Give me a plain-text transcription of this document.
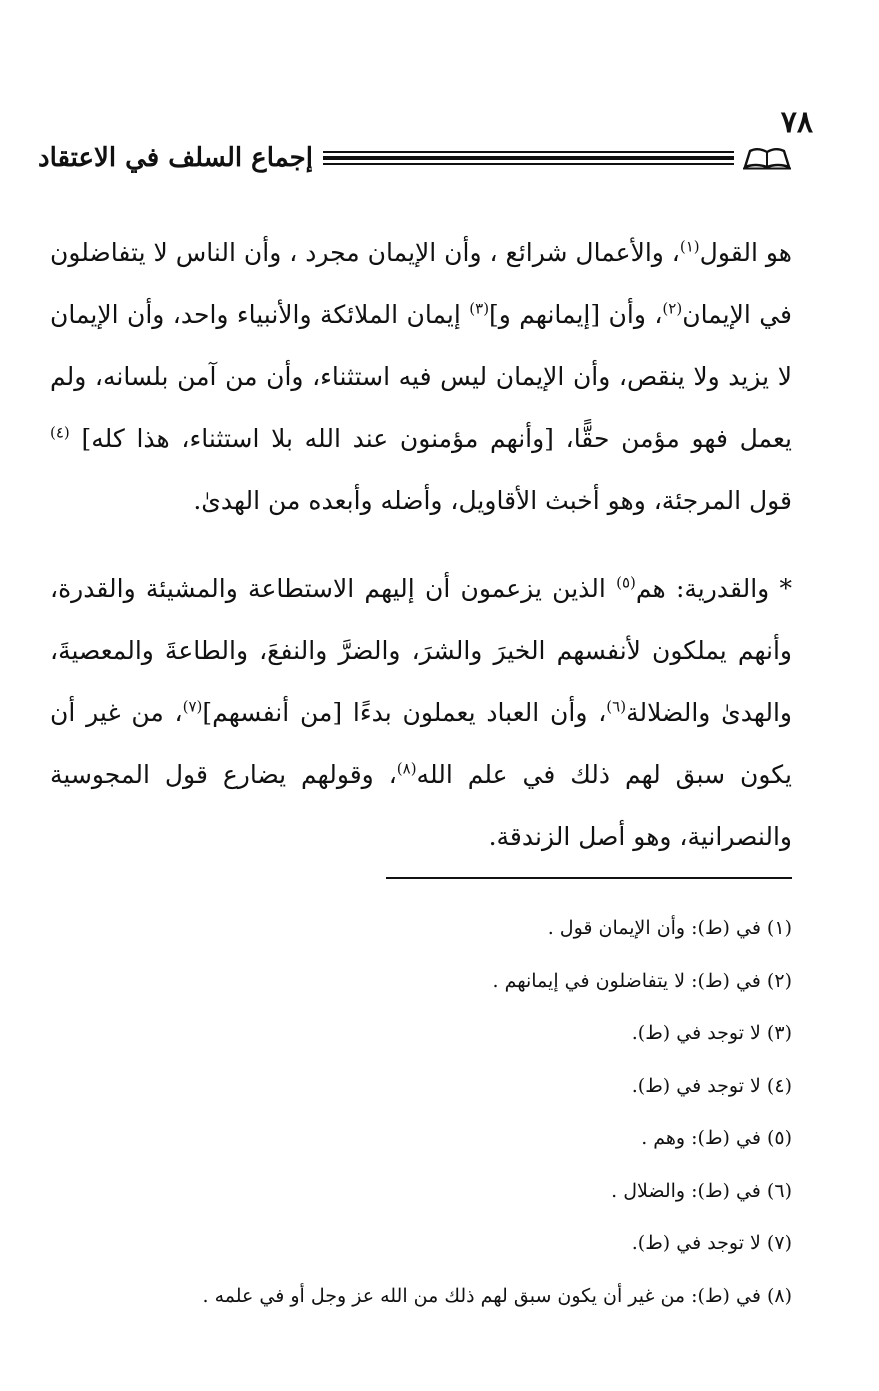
٧٨
إجماع السلف في الاعتقاد

هو القول$^{(١)}$، والأعمال شرائع ، وأن الإيمان مجرد ، وأن الناس لا يتفاضلون في الإيمان$^{(٢)}$، وأن [إيمانهم و]$^{(٣)}$ إيمان الملائكة والأنبياء واحد، وأن الإيمان لا يزيد ولا ينقص، وأن الإيمان ليس فيه استثناء، وأن من آمن بلسانه، ولم يعمل فهو مؤمن حقًّا، [وأنهم مؤمنون عند الله بلا استثناء، هذا كله] $^{(٤)}$ قول المرجئة، وهو أخبث الأقاويل، وأضله وأبعده من الهدىٰ.

* والقدرية: هم$^{(٥)}$ الذين يزعمون أن إليهم الاستطاعة والمشيئة والقدرة، وأنهم يملكون لأنفسهم الخيرَ والشرَ، والضرَّ والنفعَ، والطاعةَ والمعصيةَ، والهدىٰ والضلالة$^{(٦)}$، وأن العباد يعملون بدءًا [من أنفسهم]$^{(٧)}$، من غير أن يكون سبق لهم ذلك في علم الله$^{(٨)}$، وقولهم يضارع قول المجوسية والنصرانية، وهو أصل الزندقة.

(١) في (ط): وأن الإيمان قول .
(٢) في (ط): لا يتفاضلون في إيمانهم .
(٣) لا توجد في (ط).
(٤) لا توجد في (ط).
(٥) في (ط): وهم .
(٦) في (ط): والضلال .
(٧) لا توجد في (ط).
(٨) في (ط): من غير أن يكون سبق لهم ذلك من الله عز وجل أو في علمه .
